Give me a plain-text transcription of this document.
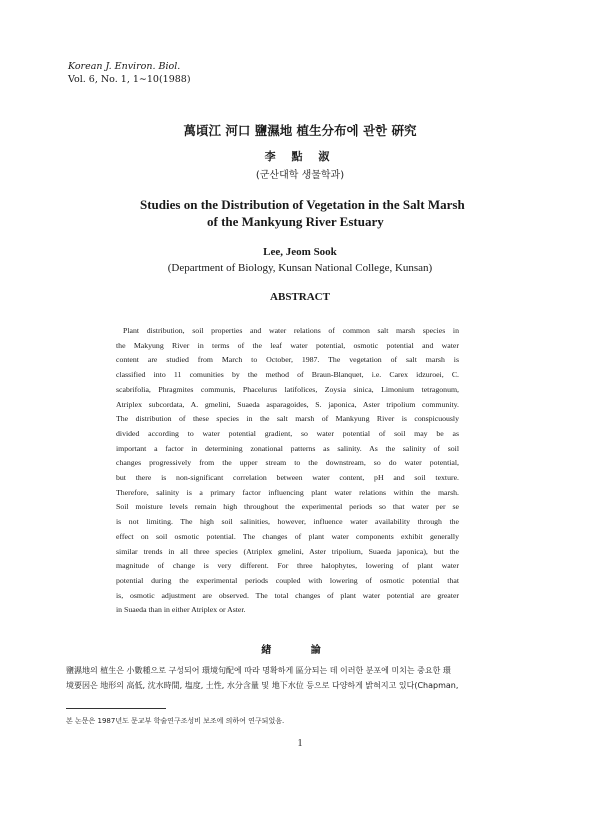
Korean J. Environ. Biol.
Vol. 6, No. 1, 1∼10(1988)
萬頃江 河口 鹽濕地 植生分布에 관한 硏究
李 點 淑
(군산대학 생물학과)
Studies on the Distribution of Vegetation in the Salt Marsh
of the Mankyung River Estuary
Lee, Jeom Sook
(Department of Biology, Kunsan National College, Kunsan)
ABSTRACT
Plant distribution, soil properties and water relations of common salt marsh species in
the Makyung River in terms of the leaf water potential, osmotic potential and water
content are studied from March to October, 1987. The vegetation of salt marsh is
classified into 11 comunities by the method of Braun-Blanquet, i.e. Carex idzuroei, C.
scabrifolia, Phragmites communis, Phacelurus latifolices, Zoysia sinica, Limonium tetragonum,
Atriplex subcordata, A. gmelini, Suaeda asparagoides, S. japonica, Aster tripolium community.
The distribution of these species in the salt marsh of Mankyung River is conspicuously
divided according to water potential gradient, so water potential of soil may be as
important a factor in determining zonational patterns as salinity. As the salinity of soil
changes progressively from the upper stream to the downstream, so do water potential,
but there is non-significant correlation between water content, pH and soil texture.
Therefore, salinity is a primary factor influencing plant water relations within the marsh.
Soil moisture levels remain high throughout the experimental periods so that water per se
is not limiting. The high soil salinities, however, influence water availability through the
effect on soil osmotic potential. The changes of plant water components exhibit generally
similar trends in all three species (Atriplex gmelini, Aster tripolium, Suaeda japonica), but the
magnitude of change is very different. For three halophytes, lowering of plant water
potential during the experimental periods coupled with lowering of osmotic potential that
is, osmotic adjustment are observed. The total changes of plant water potential are greater
in Suaeda than in either Atriplex or Aster.
緖 論
鹽濕地의 植生은 小數種으로 구성되어 環境句配에 따라 명확하게 區分되는 데 이러한 분포에 미치는 중요한 環
境要因은 地形의 高低, 沈水時間, 塩度, 土性, 水分含量 및 地下水位 등으로 다양하게 밝혀지고 있다(Chapman,
본 논문은 1987년도 문교부 학술연구조성비 보조에 의하여 연구되었음.
1
